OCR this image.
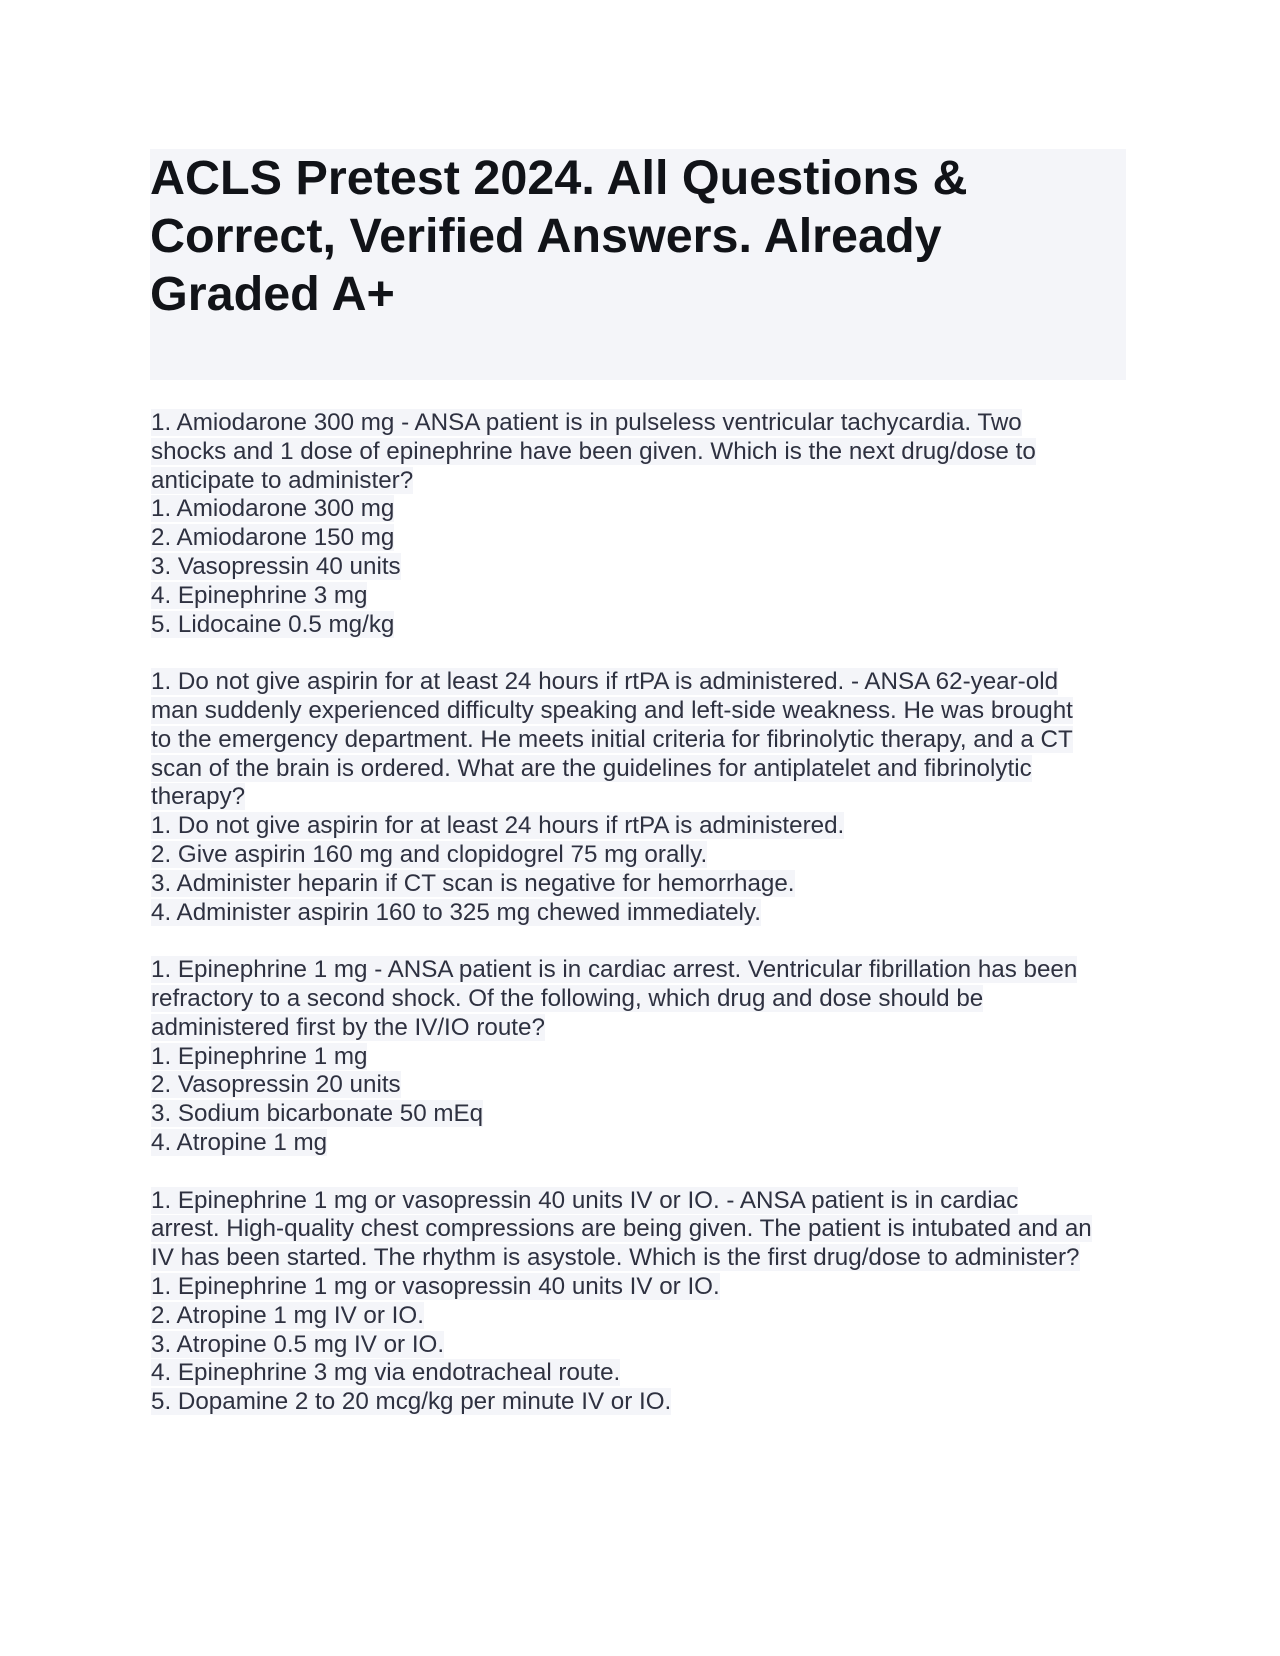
ACLS Pretest 2024. All Questions &
Correct, Verified Answers. Already
Graded A+
1. Amiodarone 300 mg - ANSA patient is in pulseless ventricular tachycardia. Two
shocks and 1 dose of epinephrine have been given. Which is the next drug/dose to
anticipate to administer?
1. Amiodarone 300 mg
2. Amiodarone 150 mg
3. Vasopressin 40 units
4. Epinephrine 3 mg
5. Lidocaine 0.5 mg/kg
1. Do not give aspirin for at least 24 hours if rtPA is administered. - ANSA 62-year-old
man suddenly experienced difficulty speaking and left-side weakness. He was brought
to the emergency department. He meets initial criteria for fibrinolytic therapy, and a CT
scan of the brain is ordered. What are the guidelines for antiplatelet and fibrinolytic
therapy?
1. Do not give aspirin for at least 24 hours if rtPA is administered.
2. Give aspirin 160 mg and clopidogrel 75 mg orally.
3. Administer heparin if CT scan is negative for hemorrhage.
4. Administer aspirin 160 to 325 mg chewed immediately.
1. Epinephrine 1 mg - ANSA patient is in cardiac arrest. Ventricular fibrillation has been
refractory to a second shock. Of the following, which drug and dose should be
administered first by the IV/IO route?
1. Epinephrine 1 mg
2. Vasopressin 20 units
3. Sodium bicarbonate 50 mEq
4. Atropine 1 mg
1. Epinephrine 1 mg or vasopressin 40 units IV or IO. - ANSA patient is in cardiac
arrest. High-quality chest compressions are being given. The patient is intubated and an
IV has been started. The rhythm is asystole. Which is the first drug/dose to administer?
1. Epinephrine 1 mg or vasopressin 40 units IV or IO.
2. Atropine 1 mg IV or IO.
3. Atropine 0.5 mg IV or IO.
4. Epinephrine 3 mg via endotracheal route.
5. Dopamine 2 to 20 mcg/kg per minute IV or IO.
